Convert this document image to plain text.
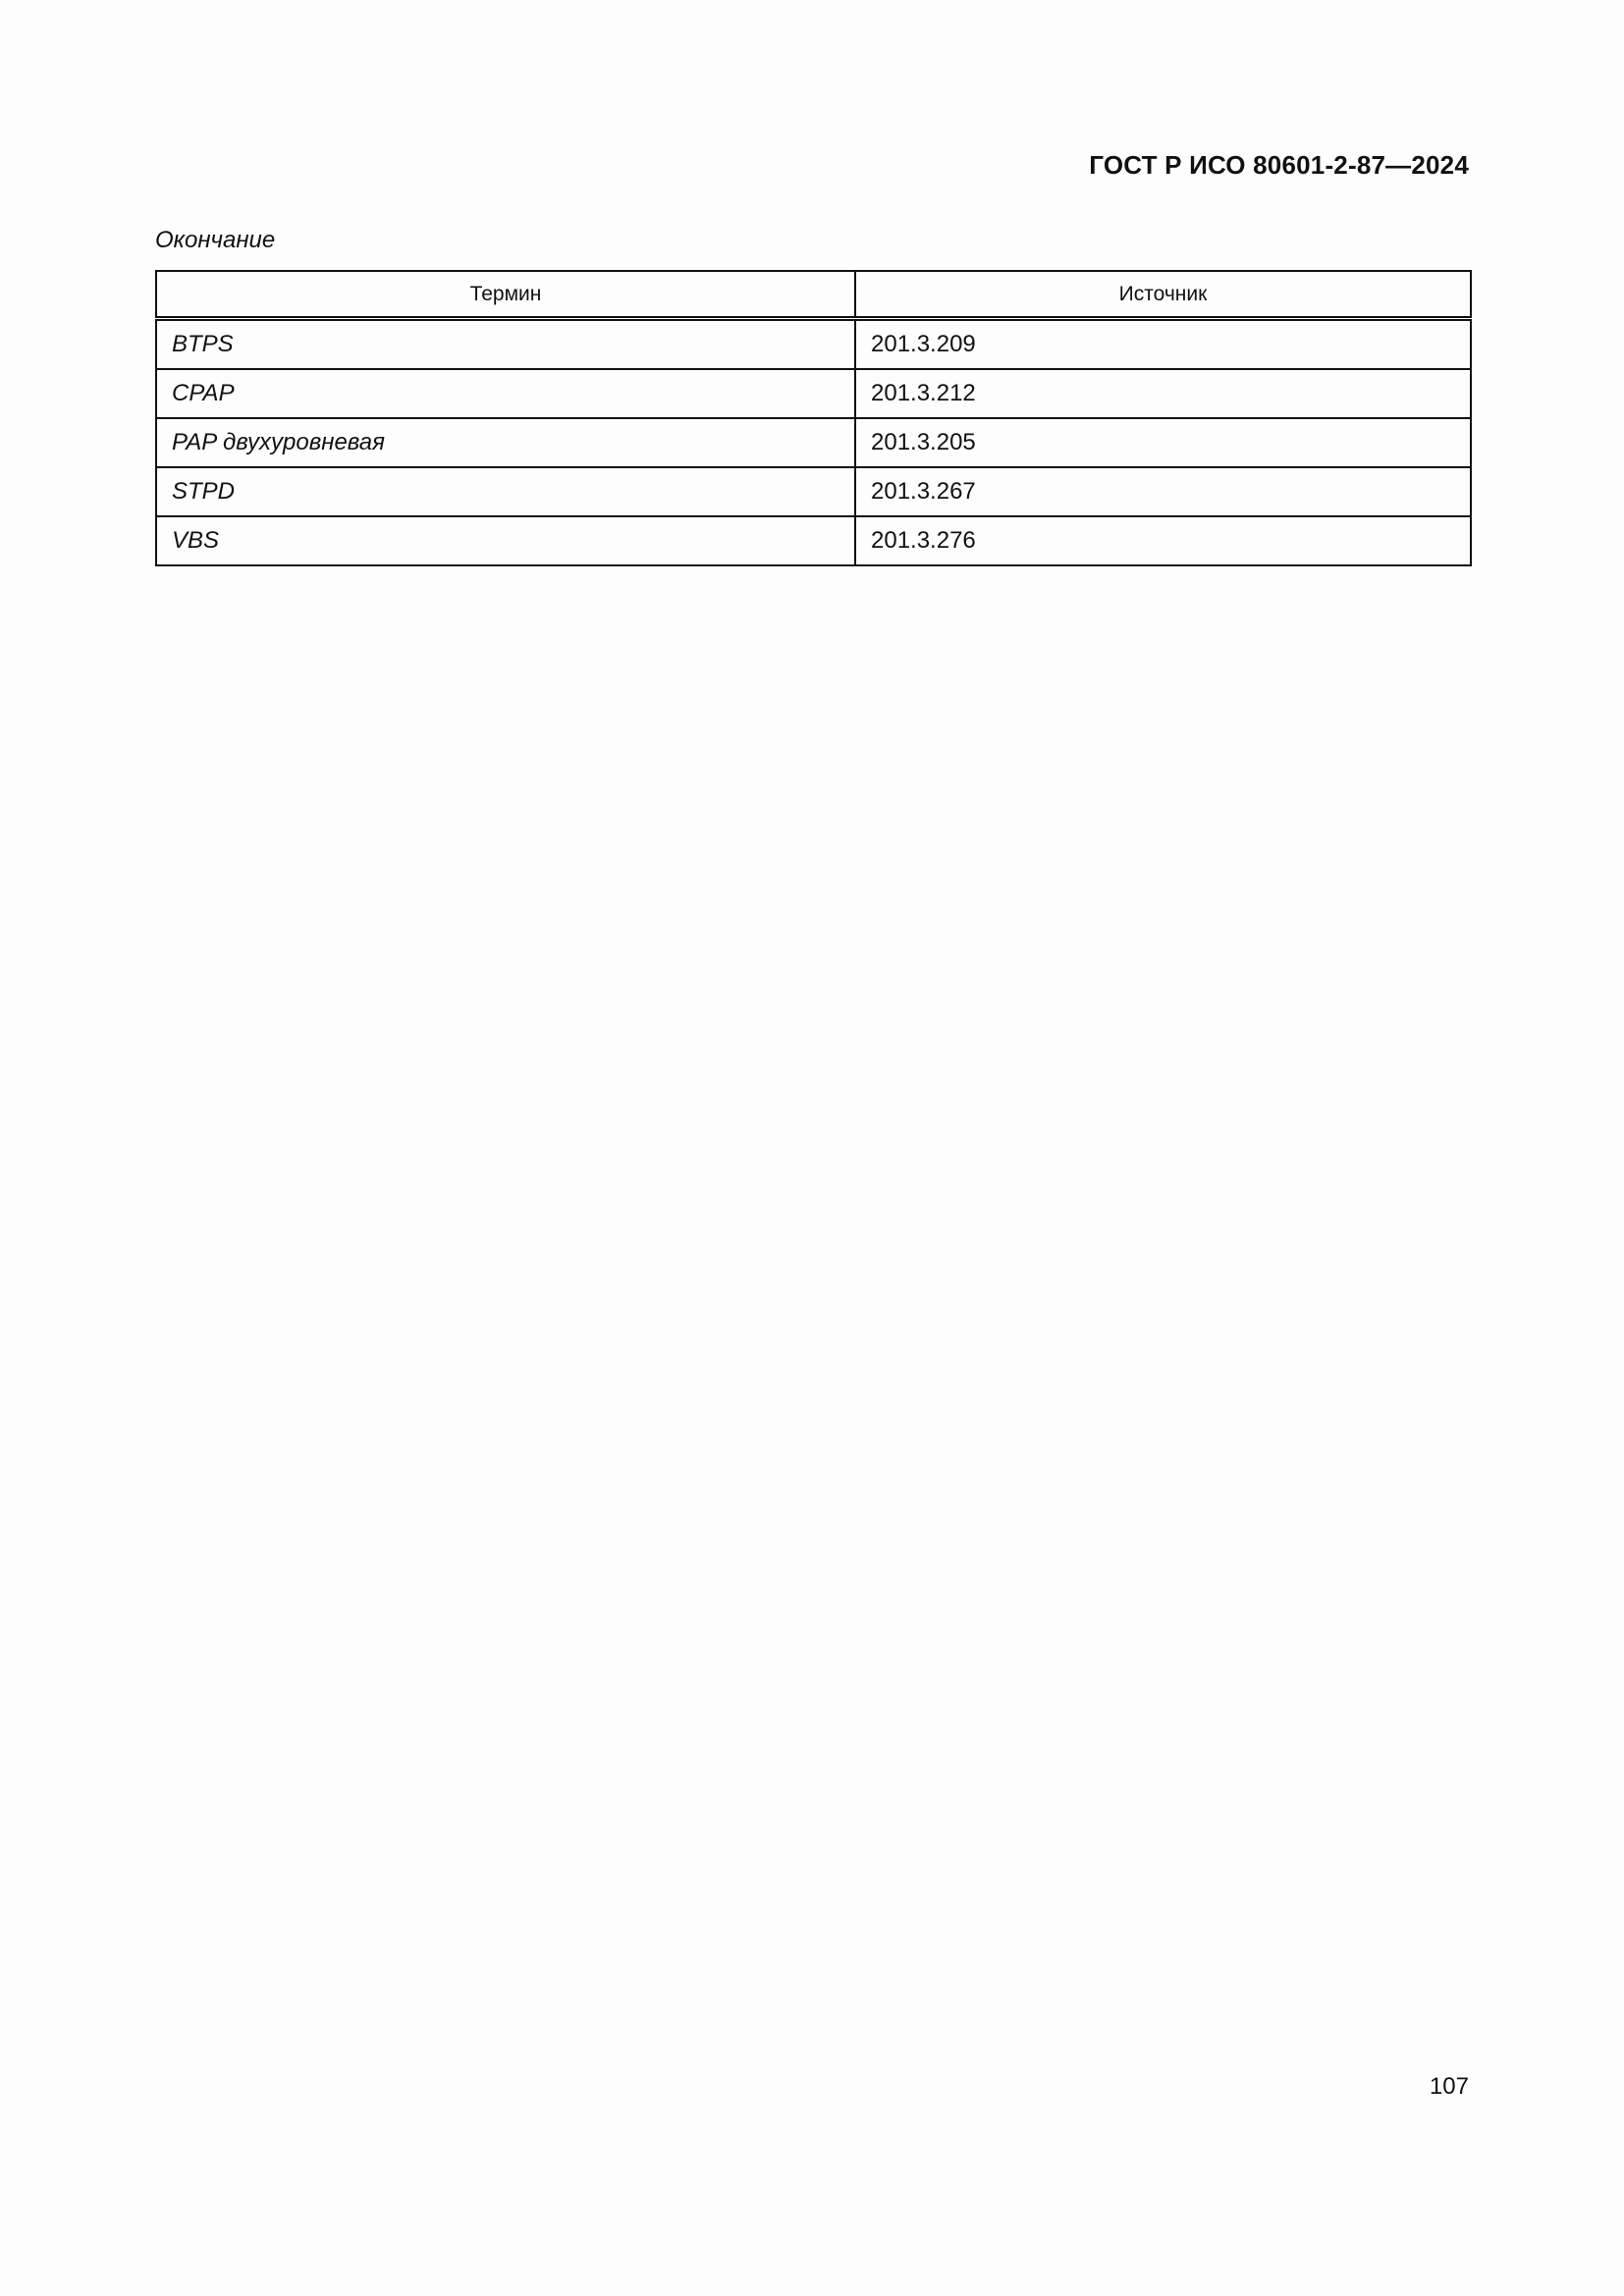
ГОСТ Р ИСО 80601-2-87—2024
Окончание
Термин	Источник
BTPS	201.3.209
CPAP	201.3.212
PAP двухуровневая	201.3.205
STPD	201.3.267
VBS	201.3.276
107
